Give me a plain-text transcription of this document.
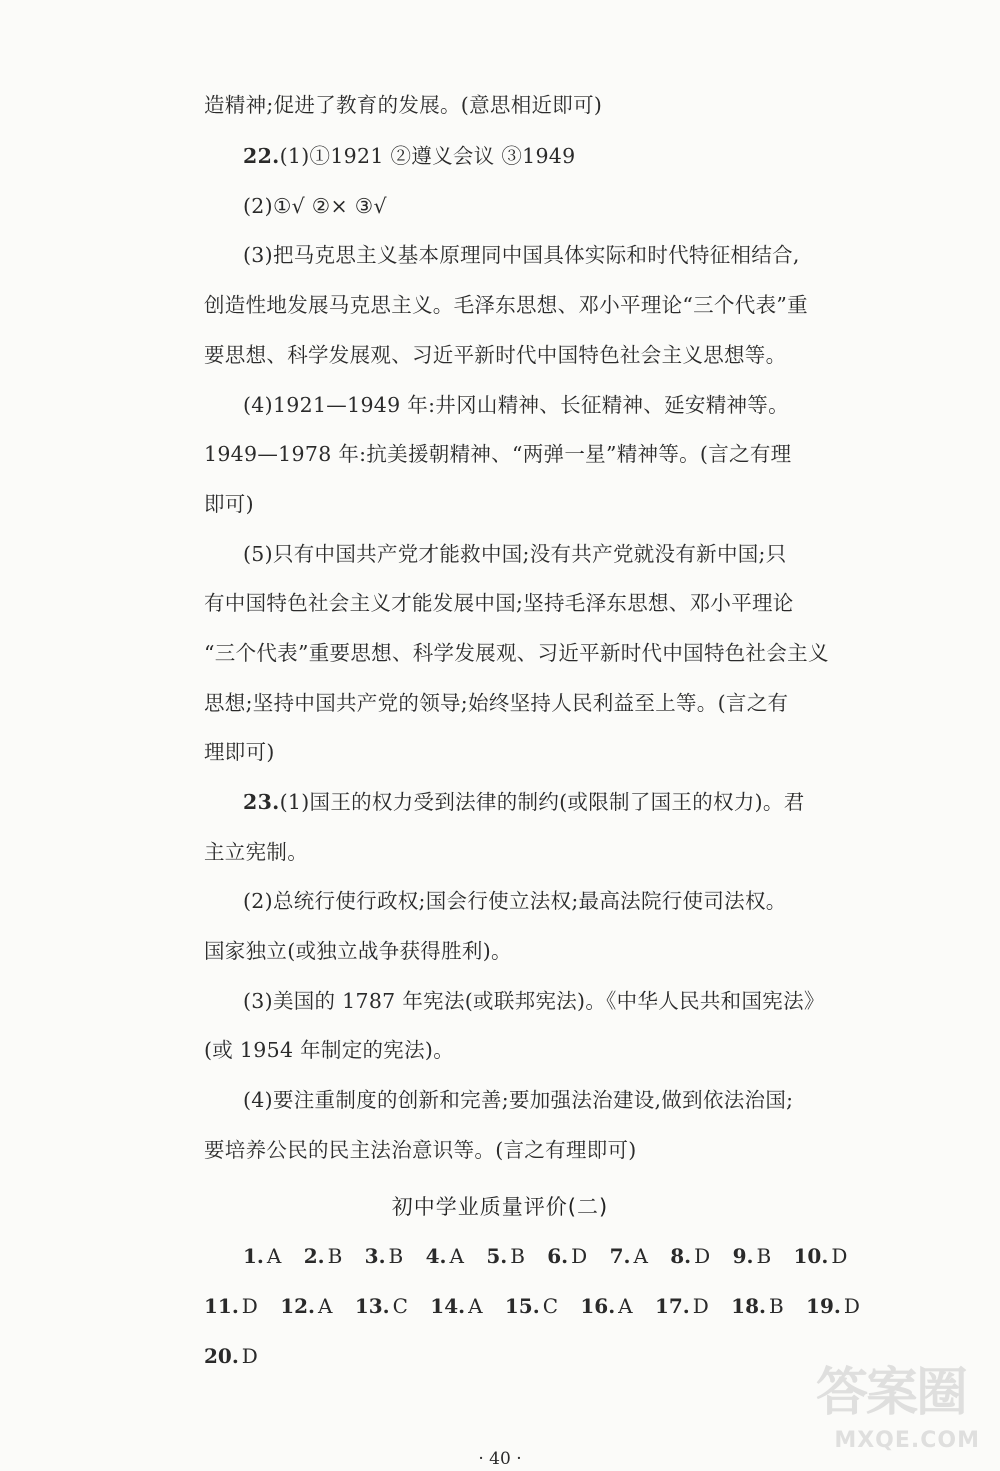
造精神;促进了教育的发展。(意思相近即可)
22.(1)①1921 ②遵义会议 ③1949
(2)①√ ②× ③√
(3)把马克思主义基本原理同中国具体实际和时代特征相结合,
创造性地发展马克思主义。毛泽东思想、邓小平理论“三个代表”重
要思想、科学发展观、习近平新时代中国特色社会主义思想等。
(4)1921—1949 年:井冈山精神、长征精神、延安精神等。
1949—1978 年:抗美援朝精神、“两弹一星”精神等。(言之有理
即可)
(5)只有中国共产党才能救中国;没有共产党就没有新中国;只
有中国特色社会主义才能发展中国;坚持毛泽东思想、邓小平理论
“三个代表”重要思想、科学发展观、习近平新时代中国特色社会主义
思想;坚持中国共产党的领导;始终坚持人民利益至上等。(言之有
理即可)
23.(1)国王的权力受到法律的制约(或限制了国王的权力)。君
主立宪制。
(2)总统行使行政权;国会行使立法权;最高法院行使司法权。
国家独立(或独立战争获得胜利)。
(3)美国的 1787 年宪法(或联邦宪法)。《中华人民共和国宪法》
(或 1954 年制定的宪法)。
(4)要注重制度的创新和完善;要加强法治建设,做到依法治国;
要培养公民的民主法治意识等。(言之有理即可)
初中学业质量评价(二)
1. A 2. B 3. B 4. A 5. B 6. D 7. A 8. D 9. B 10. D
11. D 12. A 13. C 14. A 15. C 16. A 17. D 18. B 19. D
20. D
· 40 ·
答案圈
MXQE.COM
